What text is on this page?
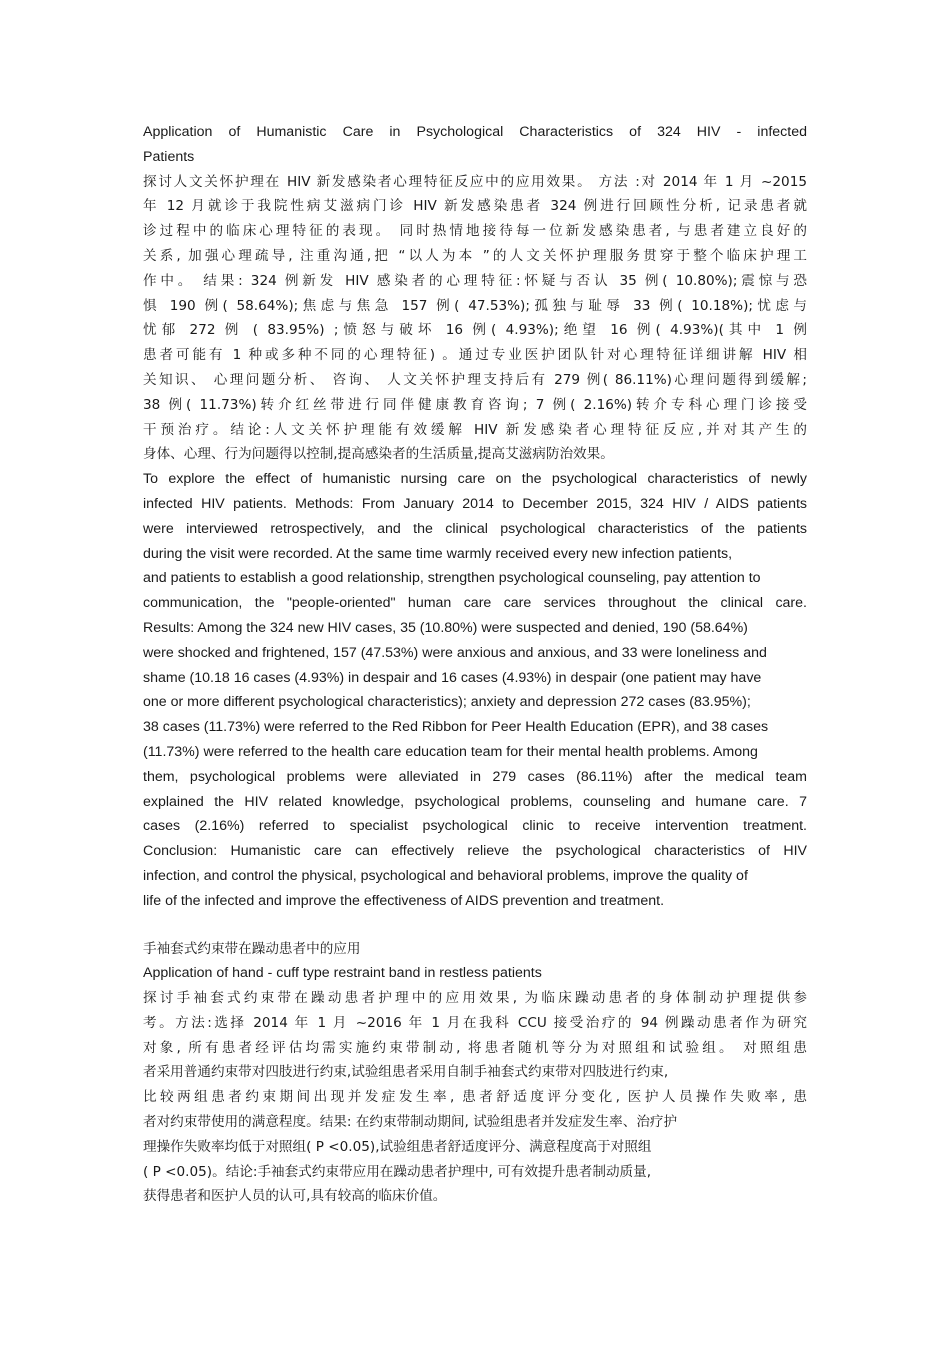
Application of Humanistic Care in Psychological Characteristics of 324 HIV - infected
Patients
探讨人文关怀护理在 HIV 新发感染者心理特征反应中的应用效果。 方法 :对 2014 年 1 月 ~2015
年 12 月就诊于我院性病艾滋病门诊 HIV 新发感染患者 324 例进行回顾性分析, 记录患者就
诊过程中的临床心理特征的表现。 同时热情地接待每一位新发感染患者, 与患者建立良好的
关系, 加强心理疏导, 注重沟通,把 “以人为本 ”的人文关怀护理服务贯穿于整个临床护理工
作中。 结果: 324 例新发 HIV 感染者的心理特征:怀疑与否认 35 例( 10.80%);震惊与恐
惧 190 例( 58.64%);焦虑与焦急 157 例( 47.53%);孤独与耻辱 33 例( 10.18%);忧虑与
忧郁 272 例 ( 83.95%) ;愤怒与破坏 16 例( 4.93%);绝望 16 例( 4.93%)(其中 1 例
患者可能有 1 种或多种不同的心理特征) 。通过专业医护团队针对心理特征详细讲解 HIV 相
关知识、 心理问题分析、 咨询、 人文关怀护理支持后有 279 例( 86.11%)心理问题得到缓解;
38 例( 11.73%)转介红丝带进行同伴健康教育咨询; 7 例( 2.16%)转介专科心理门诊接受
干预治疗。结论:人文关怀护理能有效缓解 HIV 新发感染者心理特征反应,并对其产生的
身体、心理、行为问题得以控制,提高感染者的生活质量,提高艾滋病防治效果。
To explore the effect of humanistic nursing care on the psychological characteristics of newly
infected HIV patients. Methods: From January 2014 to December 2015, 324 HIV / AIDS patients
were interviewed retrospectively, and the clinical psychological characteristics of the patients
during the visit were recorded. At the same time warmly received every new infection patients,
and patients to establish a good relationship, strengthen psychological counseling, pay attention to
communication, the "people-oriented" human care care services throughout the clinical care.
Results: Among the 324 new HIV cases, 35 (10.80%) were suspected and denied, 190 (58.64%)
were shocked and frightened, 157 (47.53%) were anxious and anxious, and 33 were loneliness and
shame (10.18 16 cases (4.93%) in despair and 16 cases (4.93%) in despair (one patient may have
one or more different psychological characteristics); anxiety and depression 272 cases (83.95%);
38 cases (11.73%) were referred to the Red Ribbon for Peer Health Education (EPR), and 38 cases
(11.73%) were referred to the health care education team for their mental health problems. Among
them, psychological problems were alleviated in 279 cases (86.11%) after the medical team
explained the HIV related knowledge, psychological problems, counseling and humane care. 7
cases (2.16%) referred to specialist psychological clinic to receive intervention treatment.
Conclusion: Humanistic care can effectively relieve the psychological characteristics of HIV
infection, and control the physical, psychological and behavioral problems, improve the quality of
life of the infected and improve the effectiveness of AIDS prevention and treatment.
手袖套式约束带在躁动患者中的应用
Application of hand - cuff type restraint band in restless patients
探讨手袖套式约束带在躁动患者护理中的应用效果, 为临床躁动患者的身体制动护理提供参
考。方法:选择 2014 年 1 月 ~2016 年 1 月在我科 CCU 接受治疗的 94 例躁动患者作为研究
对象, 所有患者经评估均需实施约束带制动, 将患者随机等分为对照组和试验组。 对照组患
者采用普通约束带对四肢进行约束,试验组患者采用自制手袖套式约束带对四肢进行约束,
比较两组患者约束期间出现并发症发生率, 患者舒适度评分变化, 医护人员操作失败率, 患
者对约束带使用的满意程度。结果: 在约束带制动期间, 试验组患者并发症发生率、治疗护
理操作失败率均低于对照组( P <0.05),试验组患者舒适度评分、满意程度高于对照组
( P <0.05)。结论:手袖套式约束带应用在躁动患者护理中, 可有效提升患者制动质量,
获得患者和医护人员的认可,具有较高的临床价值。
